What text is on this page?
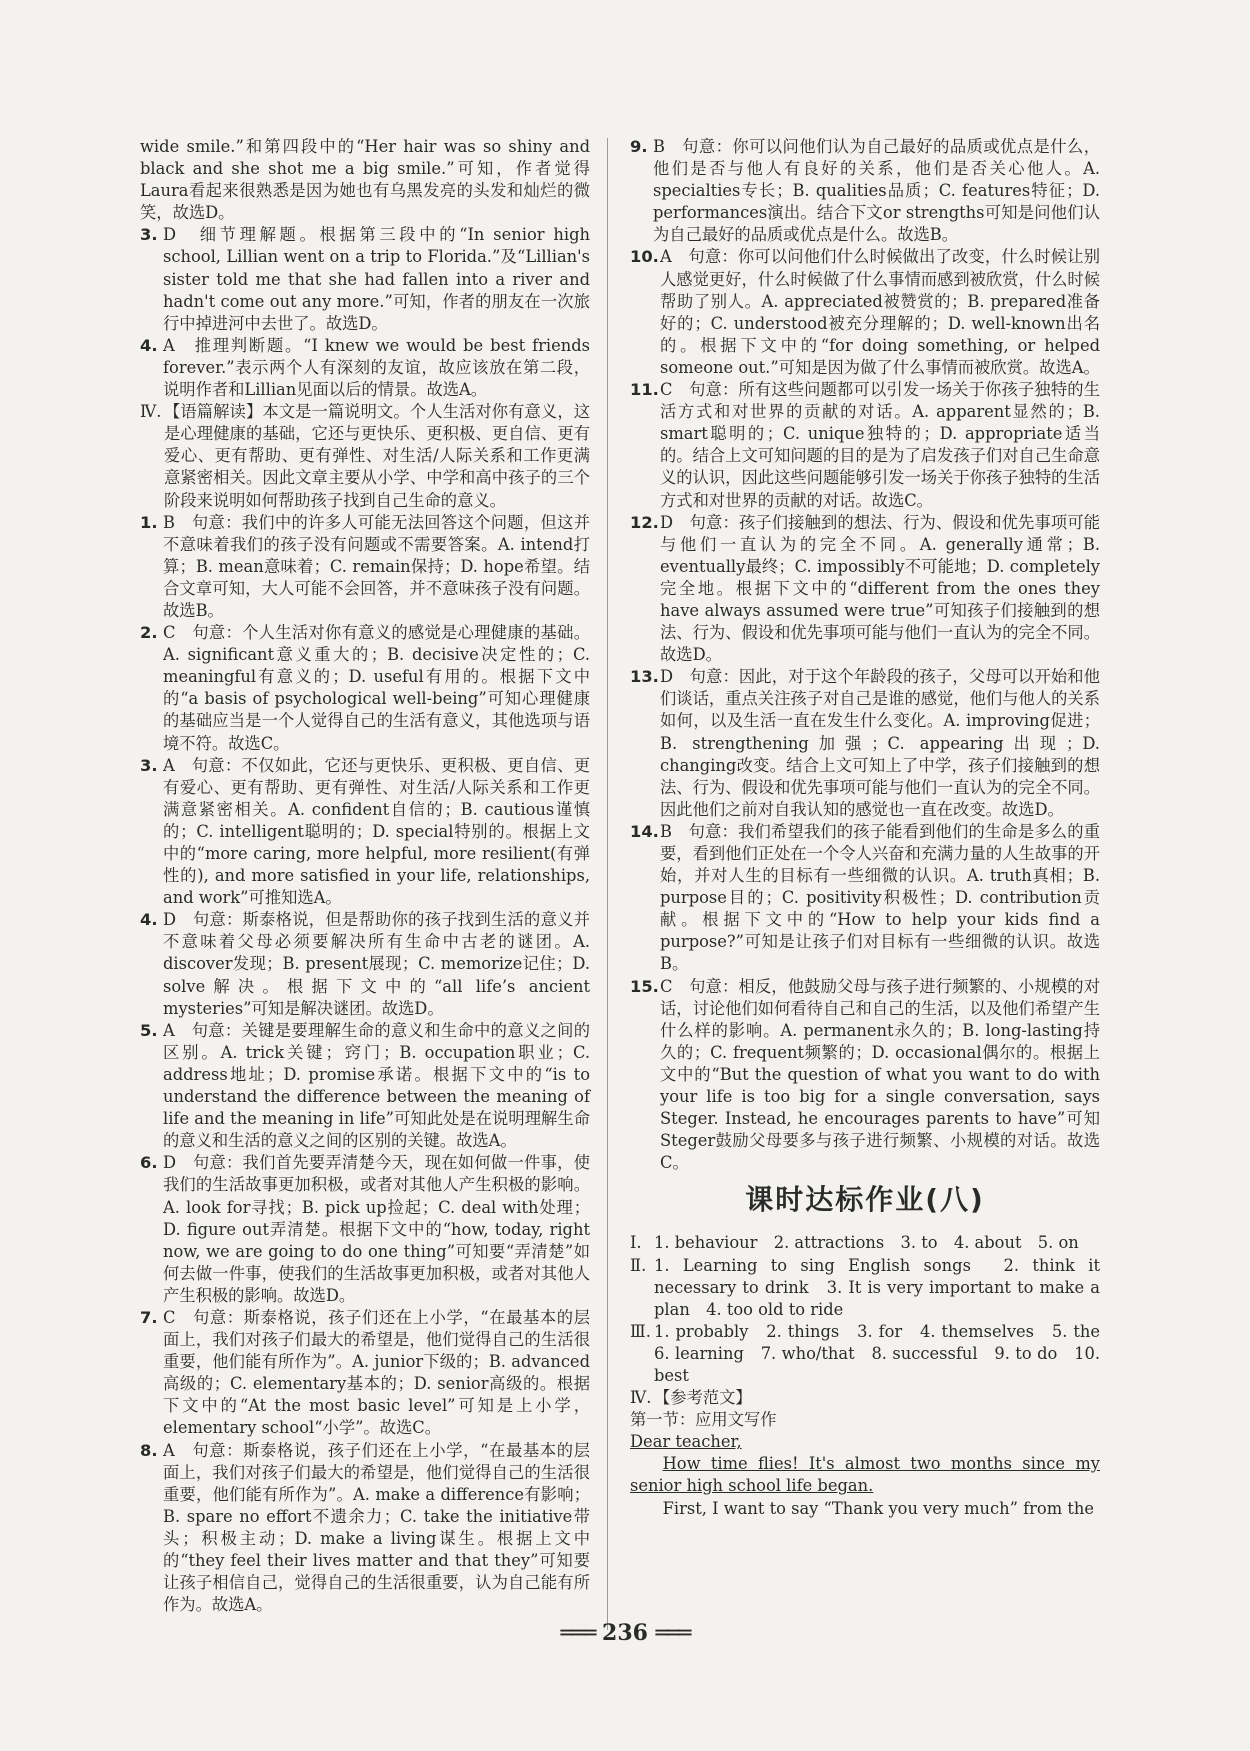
wide smile.”和第四段中的“Her hair was so shiny and black and she shot me a big smile.”可知，作者觉得Laura看起来很熟悉是因为她也有乌黑发亮的头发和灿烂的微笑，故选D。
3. D　细节理解题。根据第三段中的“In senior high school, Lillian went on a trip to Florida.”及“Lillian's sister told me that she had fallen into a river and hadn't come out any more.”可知，作者的朋友在一次旅行中掉进河中去世了。故选D。
4. A　推理判断题。“I knew we would be best friends forever.”表示两个人有深刻的友谊，故应该放在第二段，说明作者和Lillian见面以后的情景。故选A。
Ⅳ. 【语篇解读】本文是一篇说明文。个人生活对你有意义，这是心理健康的基础，它还与更快乐、更积极、更自信、更有爱心、更有帮助、更有弹性、对生活/人际关系和工作更满意紧密相关。因此文章主要从小学、中学和高中孩子的三个阶段来说明如何帮助孩子找到自己生命的意义。
1. B　句意：我们中的许多人可能无法回答这个问题，但这并不意味着我们的孩子没有问题或不需要答案。A. intend打算；B. mean意味着；C. remain保持；D. hope希望。结合文章可知，大人可能不会回答，并不意味孩子没有问题。故选B。
2. C　句意：个人生活对你有意义的感觉是心理健康的基础。A. significant意义重大的；B. decisive决定性的；C. meaningful有意义的；D. useful有用的。根据下文中的“a basis of psychological well-being”可知心理健康的基础应当是一个人觉得自己的生活有意义，其他选项与语境不符。故选C。
3. A　句意：不仅如此，它还与更快乐、更积极、更自信、更有爱心、更有帮助、更有弹性、对生活/人际关系和工作更满意紧密相关。A. confident自信的；B. cautious谨慎的；C. intelligent聪明的；D. special特别的。根据上文中的“more caring, more helpful, more resilient(有弹性的), and more satisfied in your life, relationships, and work”可推知选A。
4. D　句意：斯泰格说，但是帮助你的孩子找到生活的意义并不意味着父母必须要解决所有生命中古老的谜团。A. discover发现；B. present展现；C. memorize记住；D. solve解决。根据下文中的“all life’s ancient mysteries”可知是解决谜团。故选D。
5. A　句意：关键是要理解生命的意义和生命中的意义之间的区别。A. trick关键；窍门；B. occupation职业；C. address地址；D. promise承诺。根据下文中的“is to understand the difference between the meaning of life and the meaning in life”可知此处是在说明理解生命的意义和生活的意义之间的区别的关键。故选A。
6. D　句意：我们首先要弄清楚今天，现在如何做一件事，使我们的生活故事更加积极，或者对其他人产生积极的影响。A. look for寻找；B. pick up捡起；C. deal with处理；D. figure out弄清楚。根据下文中的“how, today, right now, we are going to do one thing”可知要“弄清楚”如何去做一件事，使我们的生活故事更加积极，或者对其他人产生积极的影响。故选D。
7. C　句意：斯泰格说，孩子们还在上小学，“在最基本的层面上，我们对孩子们最大的希望是，他们觉得自己的生活很重要，他们能有所作为”。A. junior下级的；B. advanced高级的；C. elementary基本的；D. senior高级的。根据下文中的“At the most basic level”可知是上小学，elementary school“小学”。故选C。
8. A　句意：斯泰格说，孩子们还在上小学，“在最基本的层面上，我们对孩子们最大的希望是，他们觉得自己的生活很重要，他们能有所作为”。A. make a difference有影响；B. spare no effort不遗余力；C. take the initiative带头；积极主动；D. make a living谋生。根据上文中的“they feel their lives matter and that they”可知要让孩子相信自己，觉得自己的生活很重要，认为自己能有所作为。故选A。
9. B　句意：你可以问他们认为自己最好的品质或优点是什么，他们是否与他人有良好的关系，他们是否关心他人。A. specialties专长；B. qualities品质；C. features特征；D. performances演出。结合下文or strengths可知是问他们认为自己最好的品质或优点是什么。故选B。
10. A　句意：你可以问他们什么时候做出了改变，什么时候让别人感觉更好，什么时候做了什么事情而感到被欣赏，什么时候帮助了别人。A. appreciated被赞赏的；B. prepared准备好的；C. understood被充分理解的；D. well-known出名的。根据下文中的“for doing something, or helped someone out.”可知是因为做了什么事情而被欣赏。故选A。
11. C　句意：所有这些问题都可以引发一场关于你孩子独特的生活方式和对世界的贡献的对话。A. apparent显然的；B. smart聪明的；C. unique独特的；D. appropriate适当的。结合上文可知问题的目的是为了启发孩子们对自己生命意义的认识，因此这些问题能够引发一场关于你孩子独特的生活方式和对世界的贡献的对话。故选C。
12. D　句意：孩子们接触到的想法、行为、假设和优先事项可能与他们一直认为的完全不同。A. generally通常；B. eventually最终；C. impossibly不可能地；D. completely完全地。根据下文中的“different from the ones they have always assumed were true”可知孩子们接触到的想法、行为、假设和优先事项可能与他们一直认为的完全不同。故选D。
13. D　句意：因此，对于这个年龄段的孩子，父母可以开始和他们谈话，重点关注孩子对自己是谁的感觉，他们与他人的关系如何，以及生活一直在发生什么变化。A. improving促进；B. strengthening加强；C. appearing出现；D. changing改变。结合上文可知上了中学，孩子们接触到的想法、行为、假设和优先事项可能与他们一直认为的完全不同。因此他们之前对自我认知的感觉也一直在改变。故选D。
14. B　句意：我们希望我们的孩子能看到他们的生命是多么的重要，看到他们正处在一个令人兴奋和充满力量的人生故事的开始，并对人生的目标有一些细微的认识。A. truth真相；B. purpose目的；C. positivity积极性；D. contribution贡献。根据下文中的“How to help your kids find a purpose?”可知是让孩子们对目标有一些细微的认识。故选B。
15. C　句意：相反，他鼓励父母与孩子进行频繁的、小规模的对话，讨论他们如何看待自己和自己的生活，以及他们希望产生什么样的影响。A. permanent永久的；B. long-lasting持久的；C. frequent频繁的；D. occasional偶尔的。根据上文中的“But the question of what you want to do with your life is too big for a single conversation, says Steger. Instead, he encourages parents to have”可知Steger鼓励父母要多与孩子进行频繁、小规模的对话。故选C。
课时达标作业(八)
Ⅰ. 1. behaviour　2. attractions　3. to　4. about　5. on
Ⅱ. 1. Learning to sing English songs　2. think it necessary to drink　3. It is very important to make a plan　4. too old to ride
Ⅲ. 1. probably　2. things　3. for　4. themselves　5. the　6. learning　7. who/that　8. successful　9. to do　10. best
Ⅳ. 【参考范文】
第一节：应用文写作
Dear teacher,
How time flies! It's almost two months since my senior high school life began.
First, I want to say “Thank you very much” from the
═══ 236 ═══
